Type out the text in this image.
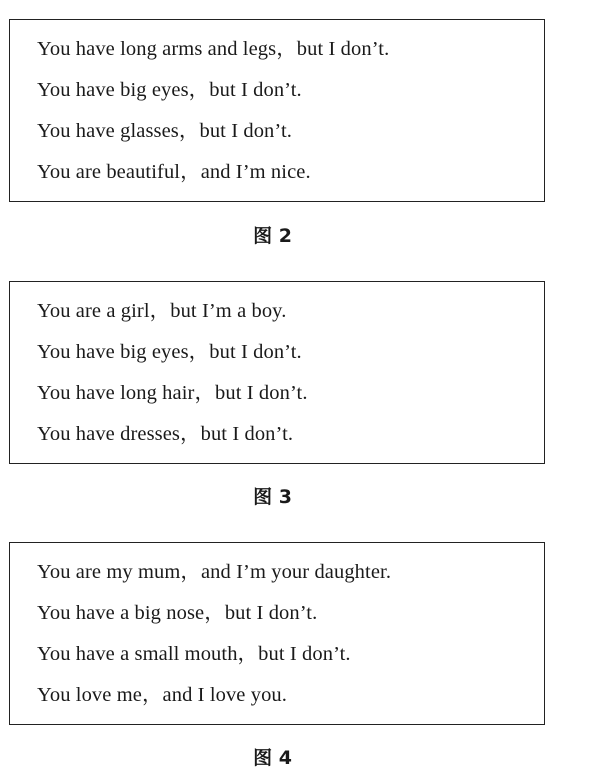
You have long arms and legs，but I don’t.
You have big eyes，but I don’t.
You have glasses，but I don’t.
You are beautiful，and I’m nice.
图 2
You are a girl，but I’m a boy.
You have big eyes，but I don’t.
You have long hair，but I don’t.
You have dresses，but I don’t.
图 3
You are my mum，and I’m your daughter.
You have a big nose，but I don’t.
You have a small mouth，but I don’t.
You love me，and I love you.
图 4
